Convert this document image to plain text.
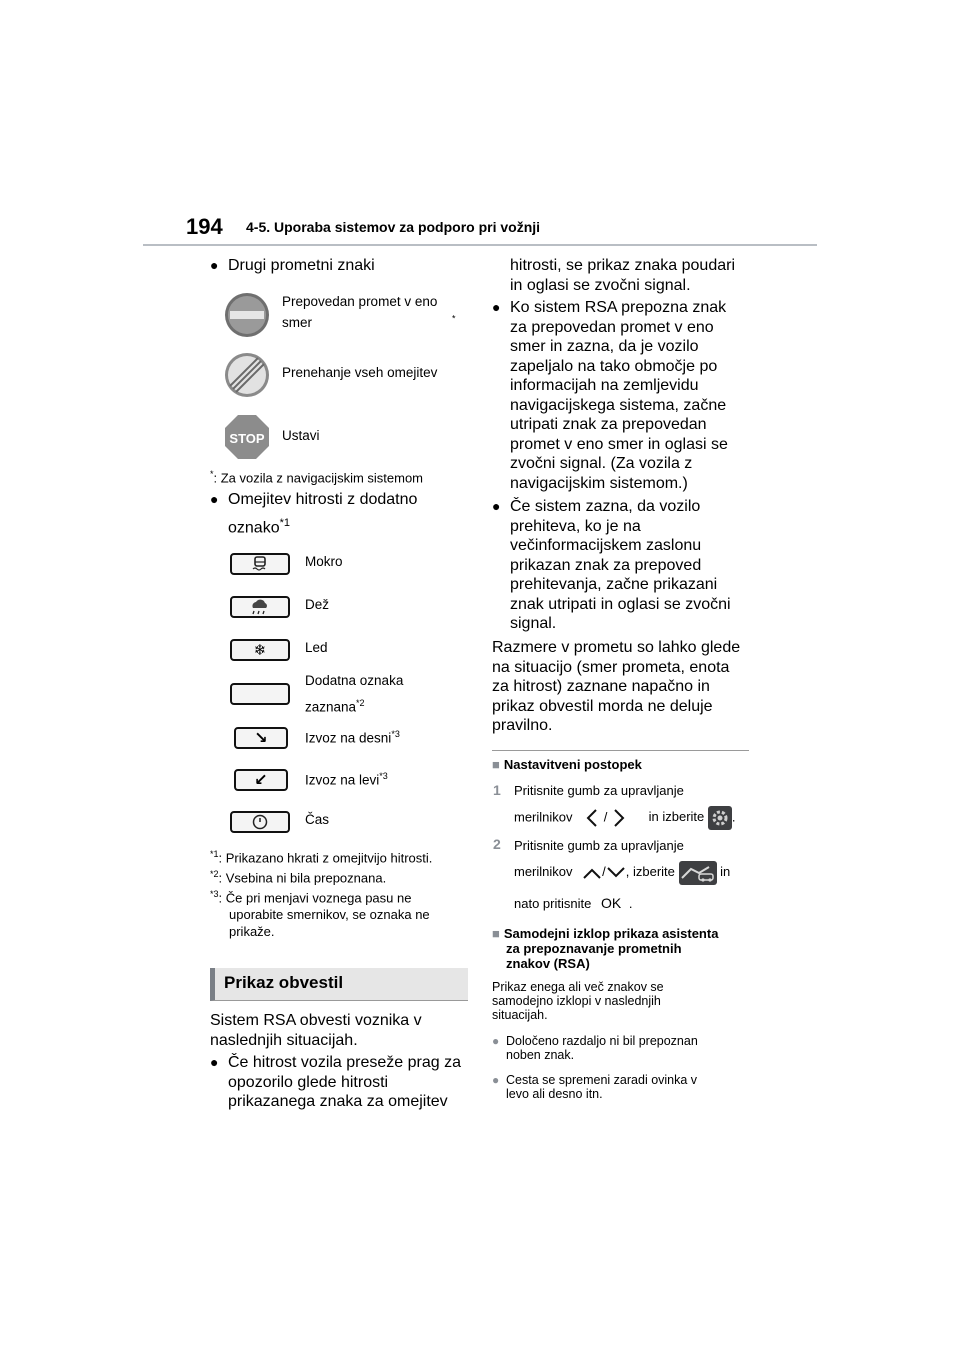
194 4-5. Uporaba sistemov za podporo pri vožnji
● Drugi prometni znaki
Prepovedan promet v eno smer	*
Prenehanje vseh omejitev
STOP Ustavi
*: Za vozila z navigacijskim sistemom
● Omejitev hitrosti z dodatno
oznako$^{*1}$
Mokro
Dež
❄	Led
Dodatna oznaka
zaznana$^{*2}$
↘	Izvoz na desni$^{*3}$
↙	Izvoz na levi$^{*3}$
Čas
$^{*1}$: Prikazano hkrati z omejitvijo hitrosti.
$^{*2}$: Vsebina ni bila prepoznana.
$^{*3}$: Če pri menjavi voznega pasu ne
uporabite smernikov, se oznaka ne
prikaže.
Prikaz obvestil
Sistem RSA obvesti voznika v
naslednjih situacijah.
● Če hitrost vozila preseže prag za
opozorilo glede hitrosti
prikazanega znaka za omejitev
hitrosti, se prikaz znaka poudari
in oglasi se zvočni signal.
● Ko sistem RSA prepozna znak
za prepovedan promet v eno
smer in zazna, da je vozilo
zapeljalo na tako območje po
informacijah na zemljevidu
navigacijskega sistema, začne
utripati znak za prepovedan
promet v eno smer in oglasi se
zvočni signal. (Za vozila z
navigacijskim sistemom.)
● Če sistem zazna, da vozilo
prehiteva, ko je na
večinformacijskem zaslonu
prikazan znak za prepoved
prehitevanja, začne prikazani
znak utripati in oglasi se zvočni
signal.
Razmere v prometu so lahko glede
na situacijo (smer prometa, enota
za hitrost) zaznane napačno in
prikaz obvestil morda ne deluje
pravilno.
■ Nastavitveni postopek
1 Pritisnite gumb za upravljanje
merilnikov /	in izberite .
2 Pritisnite gumb za upravljanje
merilnikov / , izberite	in
nato pritisnite OK .
■ Samodejni izklop prikaza asistenta
za prepoznavanje prometnih
znakov (RSA)
Prikaz enega ali več znakov se
samodejno izklopi v naslednjih
situacijah.
● Določeno razdaljo ni bil prepoznan
noben znak.
● Cesta se spremeni zaradi ovinka v
levo ali desno itn.
